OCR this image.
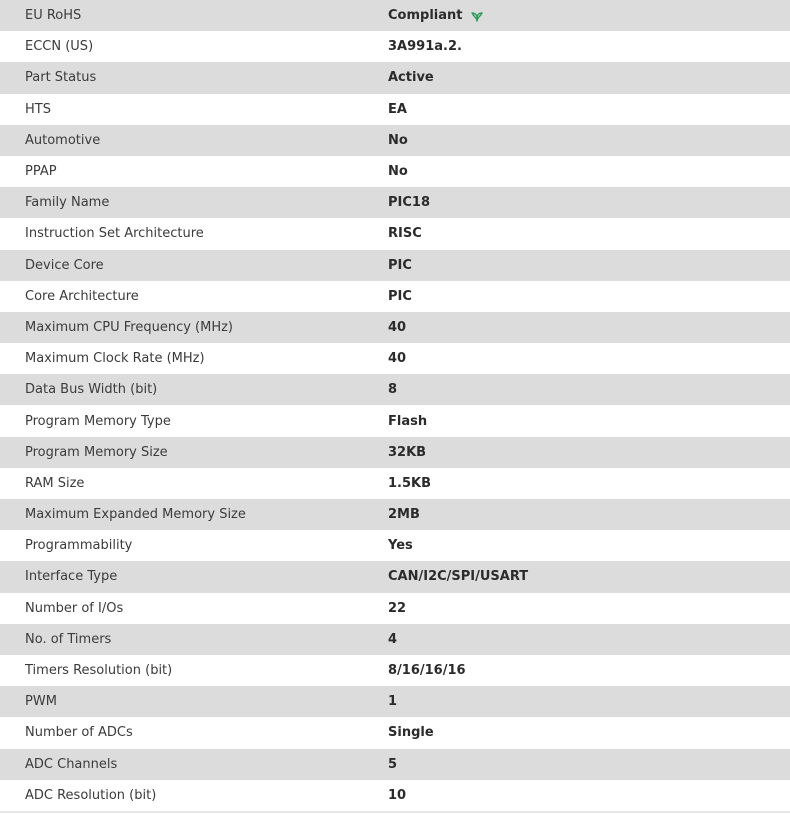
EU RoHS	Compliant
ECCN (US)	3A991a.2.
Part Status	Active
HTS	EA
Automotive	No
PPAP	No
Family Name	PIC18
Instruction Set Architecture	RISC
Device Core	PIC
Core Architecture	PIC
Maximum CPU Frequency (MHz)	40
Maximum Clock Rate (MHz)	40
Data Bus Width (bit)	8
Program Memory Type	Flash
Program Memory Size	32KB
RAM Size	1.5KB
Maximum Expanded Memory Size	2MB
Programmability	Yes
Interface Type	CAN/I2C/SPI/USART
Number of I/Os	22
No. of Timers	4
Timers Resolution (bit)	8/16/16/16
PWM	1
Number of ADCs	Single
ADC Channels	5
ADC Resolution (bit)	10
